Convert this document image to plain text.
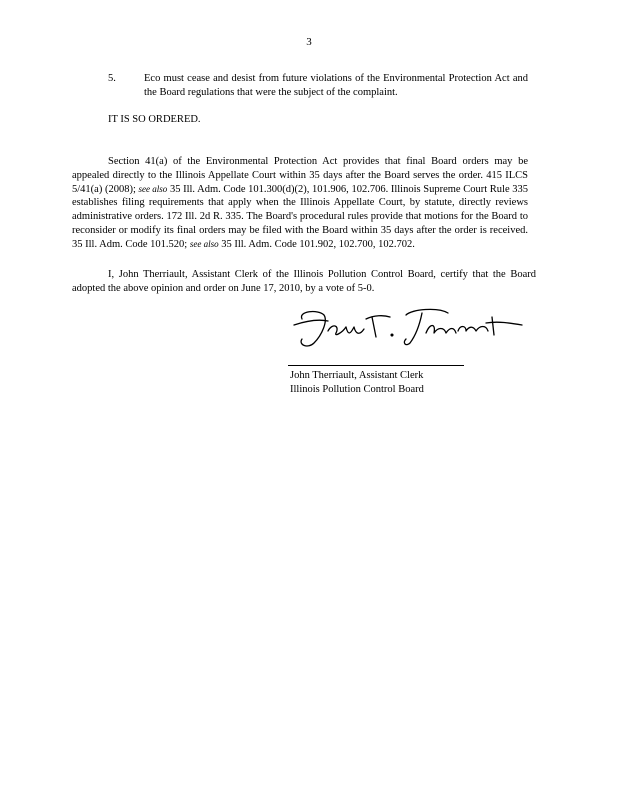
3
5.	Eco must cease and desist from future violations of the Environmental Protection Act and the Board regulations that were the subject of the complaint.
IT IS SO ORDERED.

Section 41(a) of the Environmental Protection Act provides that final Board orders may be appealed directly to the Illinois Appellate Court within 35 days after the Board serves the order. 415 ILCS 5/41(a) (2008); see also 35 Ill. Adm. Code 101.300(d)(2), 101.906, 102.706. Illinois Supreme Court Rule 335 establishes filing requirements that apply when the Illinois Appellate Court, by statute, directly reviews administrative orders. 172 Ill. 2d R. 335. The Board's procedural rules provide that motions for the Board to reconsider or modify its final orders may be filed with the Board within 35 days after the order is received. 35 Ill. Adm. Code 101.520; see also 35 Ill. Adm. Code 101.902, 102.700, 102.702.

I, John Therriault, Assistant Clerk of the Illinois Pollution Control Board, certify that the Board adopted the above opinion and order on June 17, 2010, by a vote of 5-0.

John Therriault, Assistant Clerk
Illinois Pollution Control Board
